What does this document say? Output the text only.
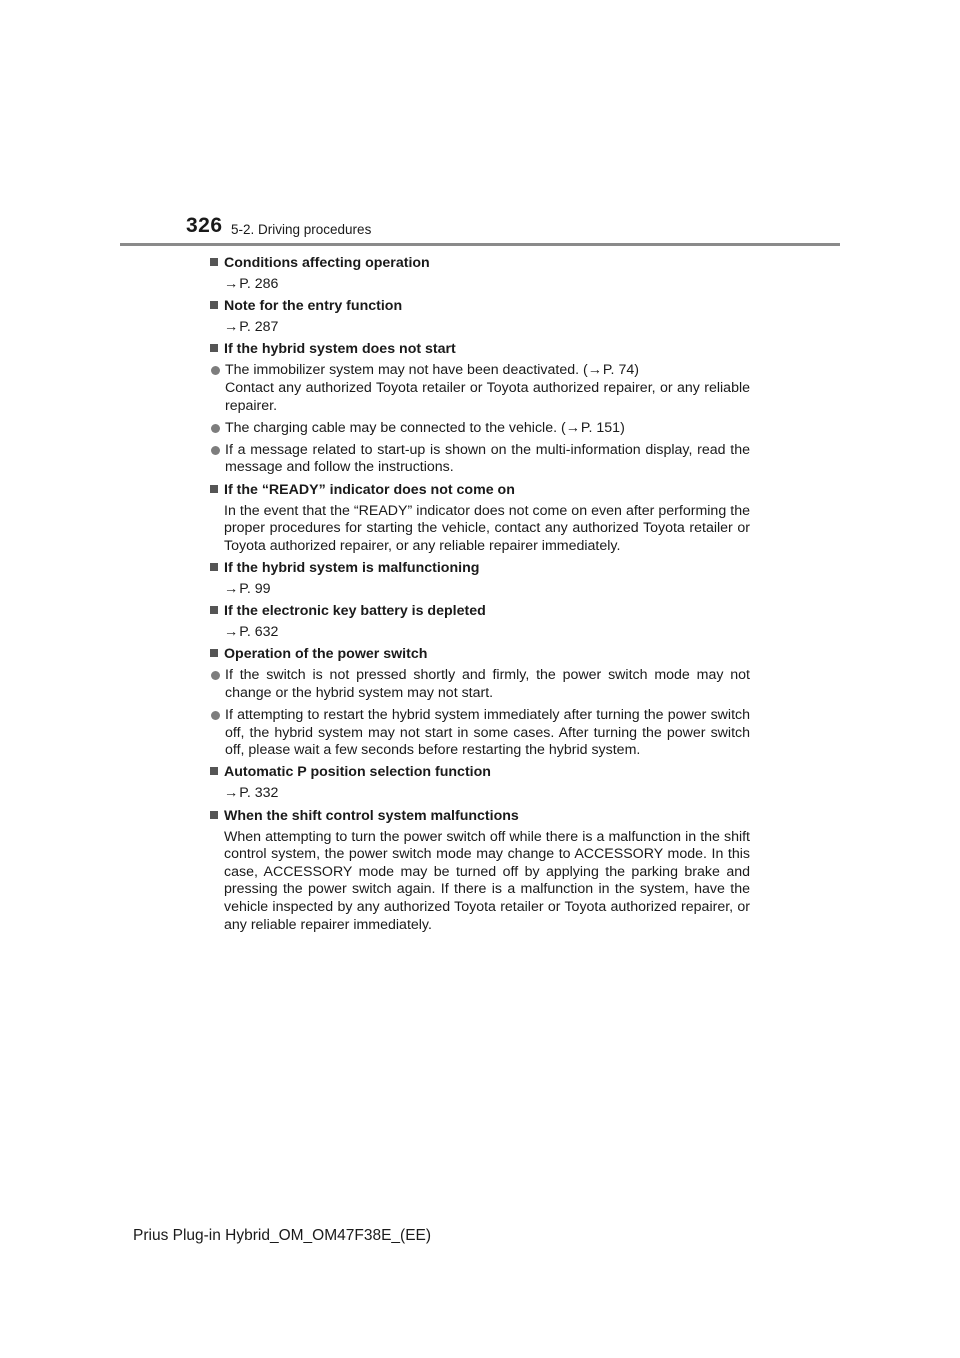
326 5-2. Driving procedures
Conditions affecting operation
→P. 286
Note for the entry function
→P. 287
If the hybrid system does not start

The immobilizer system may not have been deactivated. (→P. 74)

Contact any authorized Toyota retailer or Toyota authorized repairer, or any reliable repairer.

The charging cable may be connected to the vehicle. (→P. 151)

If a message related to start-up is shown on the multi-information display, read the message and follow the instructions.
If the “READY” indicator does not come on
In the event that the “READY” indicator does not come on even after performing the proper procedures for starting the vehicle, contact any authorized Toyota retailer or Toyota authorized repairer, or any reliable repairer immediately.
If the hybrid system is malfunctioning
→P. 99
If the electronic key battery is depleted
→P. 632
Operation of the power switch
If the switch is not pressed shortly and firmly, the power switch mode may not change or the hybrid system may not start.
If attempting to restart the hybrid system immediately after turning the power switch off, the hybrid system may not start in some cases. After turning the power switch off, please wait a few seconds before restarting the hybrid system.
Automatic P position selection function
→P. 332
When the shift control system malfunctions
When attempting to turn the power switch off while there is a malfunction in the shift control system, the power switch mode may change to ACCESSORY mode. In this case, ACCESSORY mode may be turned off by applying the parking brake and pressing the power switch again. If there is a malfunction in the system, have the vehicle inspected by any authorized Toyota retailer or Toyota authorized repairer, or any reliable repairer immediately.
Prius Plug-in Hybrid_OM_OM47F38E_(EE)
